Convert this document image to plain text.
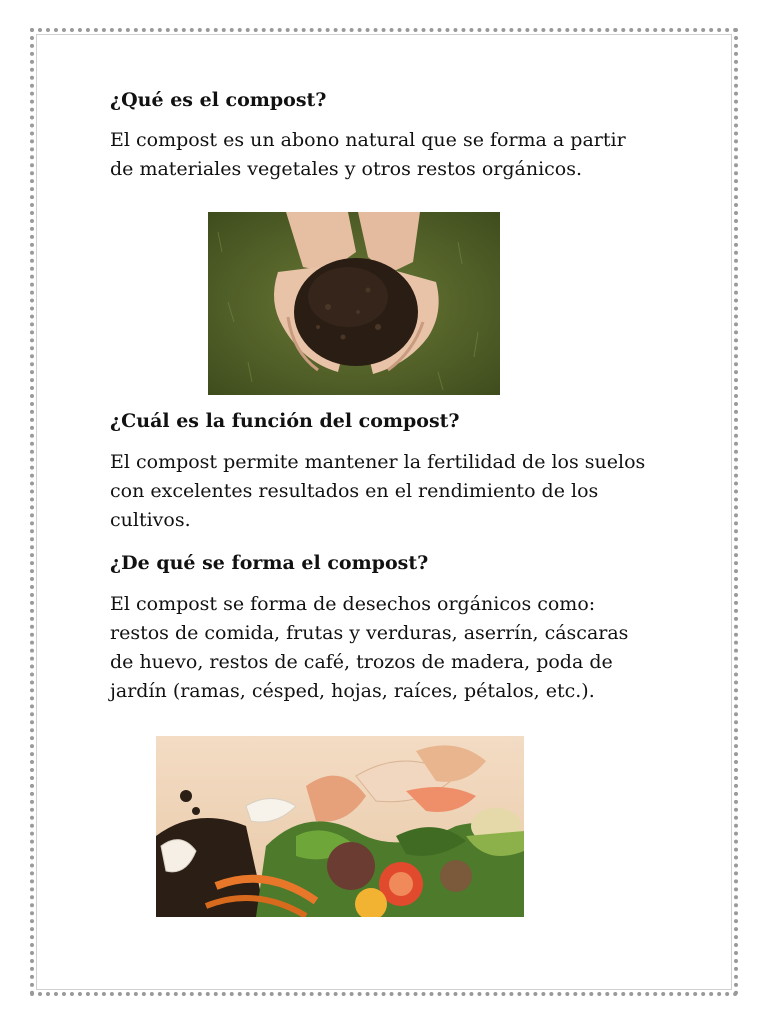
¿Qué es el compost?
El compost es un abono natural que se forma a partir
de materiales vegetales y otros restos orgánicos.
¿Cuál es la función del compost?
El compost permite mantener la fertilidad de los suelos
con excelentes resultados en el rendimiento de los
cultivos.
¿De qué se forma el compost?
El compost se forma de desechos orgánicos como:
restos de comida, frutas y verduras, aserrín, cáscaras
de huevo, restos de café, trozos de madera, poda de
jardín (ramas, césped, hojas, raíces, pétalos, etc.).
